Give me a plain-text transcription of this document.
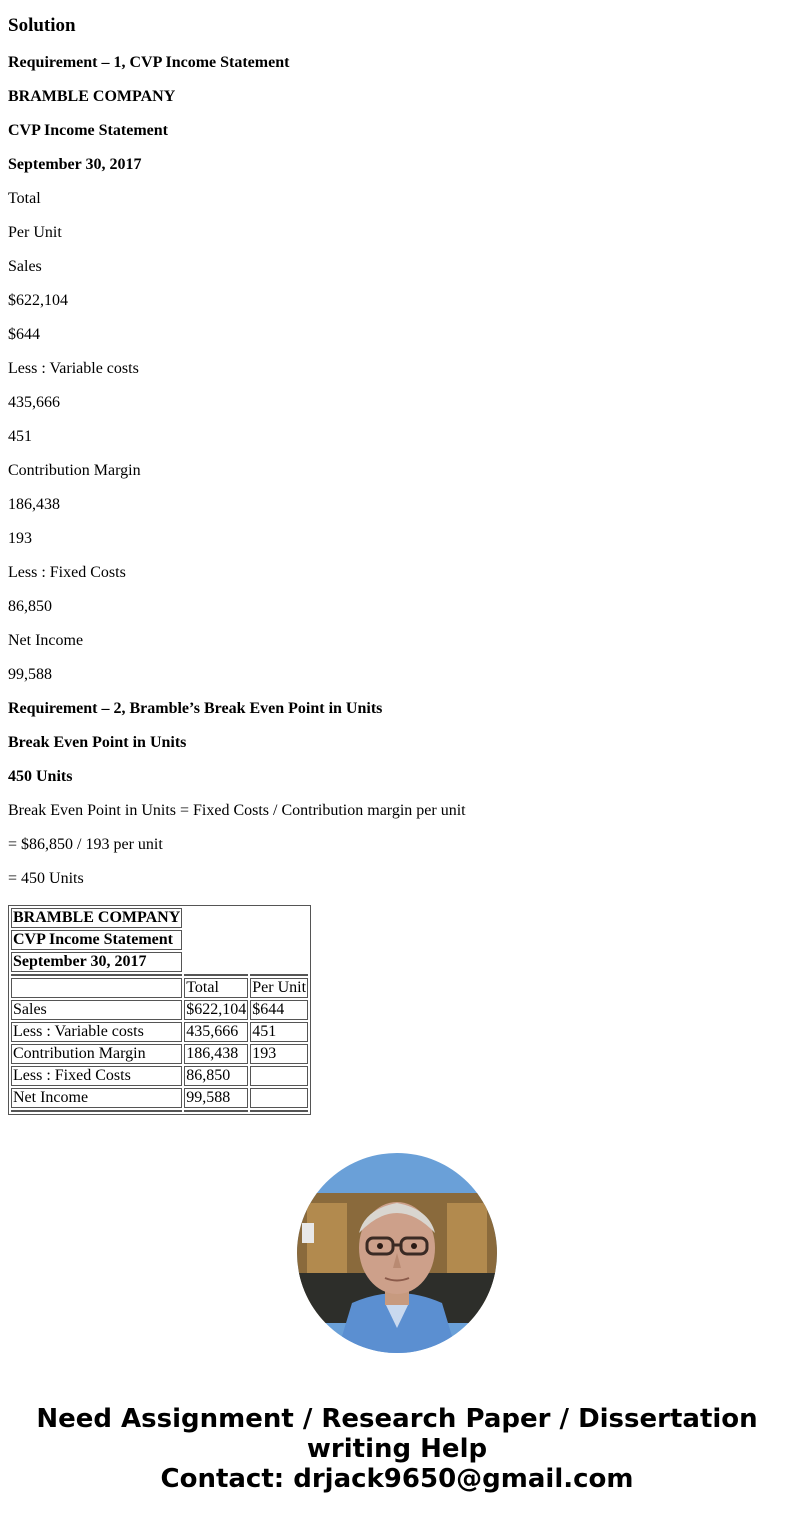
Solution
Requirement – 1, CVP Income Statement
BRAMBLE COMPANY
CVP Income Statement
September 30, 2017
Total
Per Unit
Sales
$622,104
$644
Less : Variable costs
435,666
451
Contribution Margin
186,438
193
Less : Fixed Costs
86,850
Net Income
99,588
Requirement – 2, Bramble’s Break Even Point in Units
Break Even Point in Units
450 Units
Break Even Point in Units = Fixed Costs / Contribution margin per unit
= $86,850 / 193 per unit
= 450 Units
BRAMBLE COMPANY		
CVP Income Statement		
September 30, 2017		

	Total	Per Unit
Sales	$622,104	$644
Less : Variable costs	435,666	451
Contribution Margin	186,438	193
Less : Fixed Costs	86,850	
Net Income	99,588	

Need Assignment / Research Paper / Dissertation
writing Help
Contact: drjack9650@gmail.com
